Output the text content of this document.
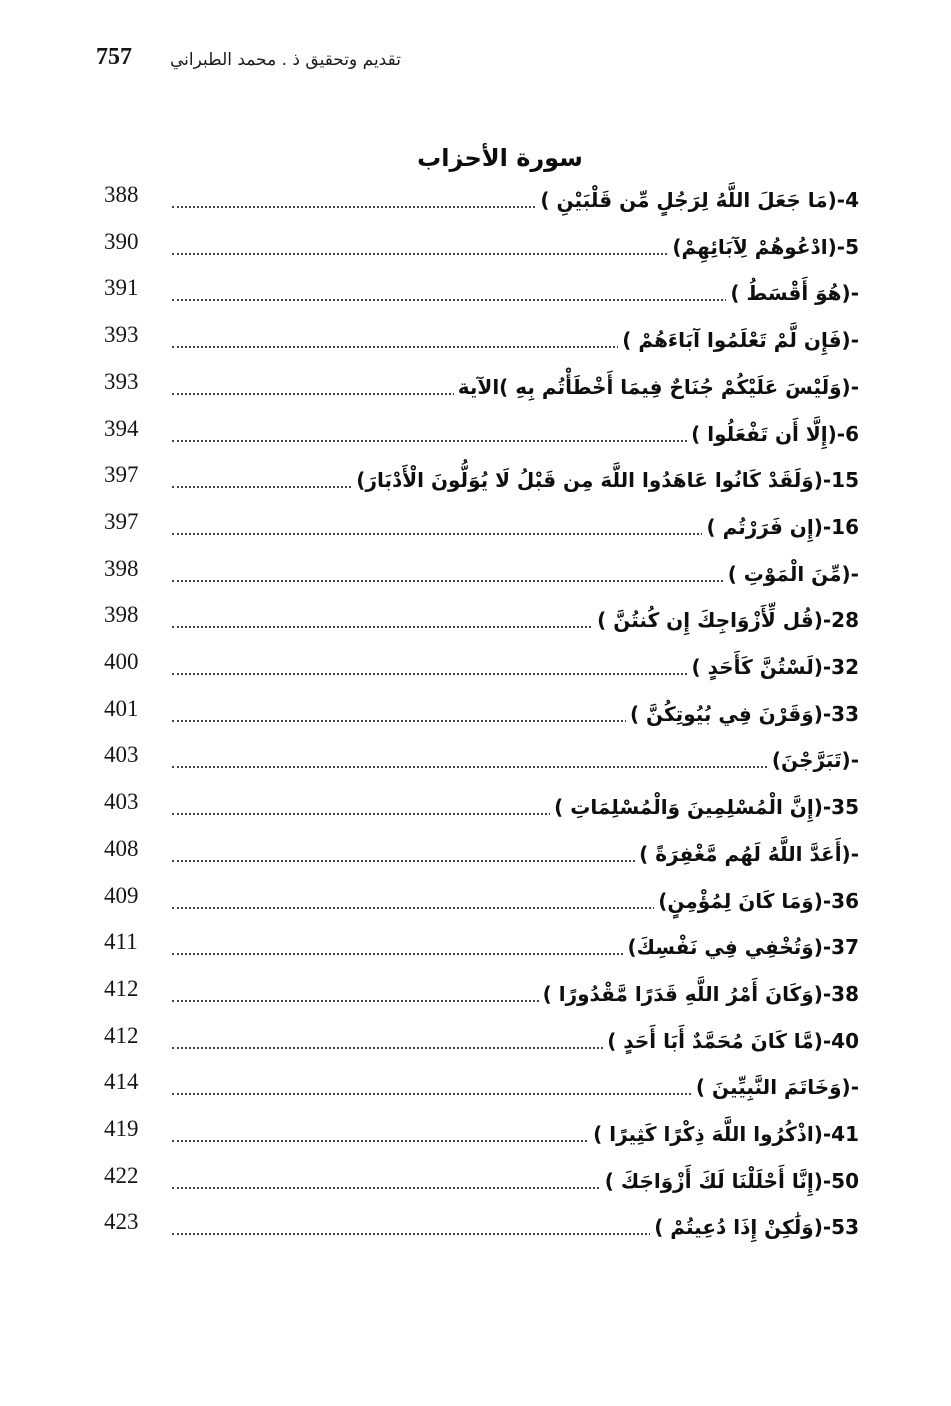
757 تقديم وتحقيق ذ . محمد الطبراني
سورة الأحزاب
388	4-(مَا جَعَلَ اللَّهُ لِرَجُلٍ مِّن قَلْبَيْنِ )
390	5-(ادْعُوهُمْ لِآبَائِهِمْ)
391	-(هُوَ أَقْسَطُ )
393	-(فَإِن لَّمْ تَعْلَمُوا آبَاءَهُمْ )
393	-(وَلَيْسَ عَلَيْكُمْ جُنَاحٌ فِيمَا أَخْطَأْتُم بِهِ )الآية
394	6-(إِلَّا أَن تَفْعَلُوا )
397	15-(وَلَقَدْ كَانُوا عَاهَدُوا اللَّهَ مِن قَبْلُ لَا يُوَلُّونَ الْأَدْبَارَ)
397	16-(إِن فَرَرْتُم )
398	-(مِّنَ الْمَوْتِ )
398	28-(قُل لِّأَزْوَاجِكَ إِن كُنتُنَّ )
400	32-(لَسْتُنَّ كَأَحَدٍ )
401	33-(وَقَرْنَ فِي بُيُوتِكُنَّ )
403	-(تَبَرَّجْنَ)
403	35-(إِنَّ الْمُسْلِمِينَ وَالْمُسْلِمَاتِ )
408	-(أَعَدَّ اللَّهُ لَهُم مَّغْفِرَةً )
409	36-(وَمَا كَانَ لِمُؤْمِنٍ)
411	37-(وَتُخْفِي فِي نَفْسِكَ)
412	38-(وَكَانَ أَمْرُ اللَّهِ قَدَرًا مَّقْدُورًا )
412	40-(مَّا كَانَ مُحَمَّدٌ أَبَا أَحَدٍ )
414	-(وَخَاتَمَ النَّبِيِّينَ )
419	41-(اذْكُرُوا اللَّهَ ذِكْرًا كَثِيرًا )
422	50-(إِنَّا أَحْلَلْنَا لَكَ أَزْوَاجَكَ )
423	53-(وَلَٰكِنْ إِذَا دُعِيتُمْ )
